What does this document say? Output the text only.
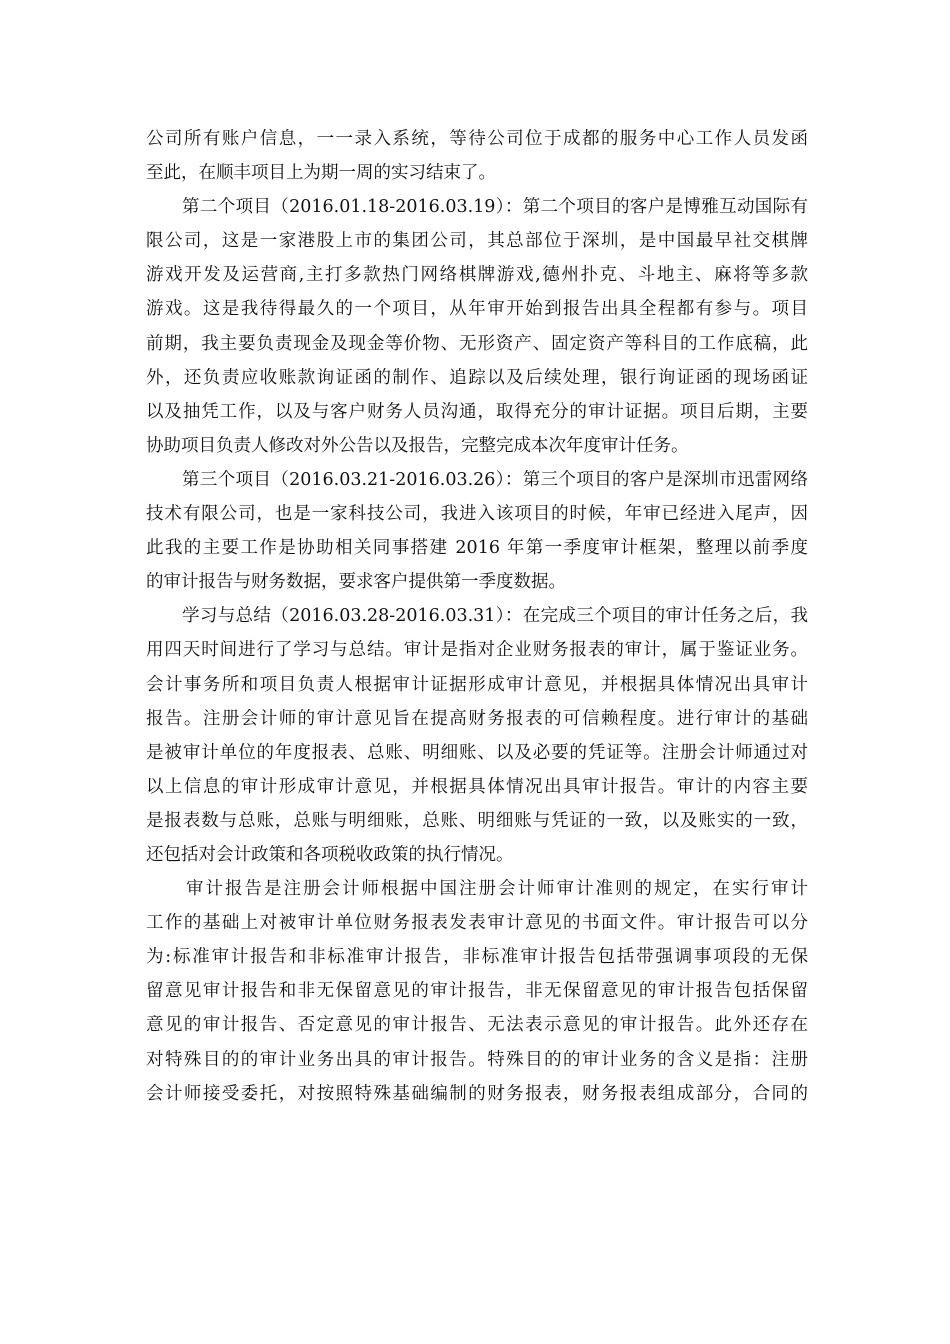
公司所有账户信息，一一录入系统，等待公司位于成都的服务中心工作人员发函
至此，在顺丰项目上为期一周的实习结束了。
第二个项目（2016.01.18-2016.03.19）：第二个项目的客户是博雅互动国际有
限公司，这是一家港股上市的集团公司，其总部位于深圳，是中国最早社交棋牌
游戏开发及运营商,主打多款热门网络棋牌游戏,德州扑克、斗地主、麻将等多款
游戏。这是我待得最久的一个项目，从年审开始到报告出具全程都有参与。项目
前期，我主要负责现金及现金等价物、无形资产、固定资产等科目的工作底稿，此
外，还负责应收账款询证函的制作、追踪以及后续处理，银行询证函的现场函证
以及抽凭工作，以及与客户财务人员沟通，取得充分的审计证据。项目后期，主要
协助项目负责人修改对外公告以及报告，完整完成本次年度审计任务。
第三个项目（2016.03.21-2016.03.26）：第三个项目的客户是深圳市迅雷网络
技术有限公司，也是一家科技公司，我进入该项目的时候，年审已经进入尾声，因
此我的主要工作是协助相关同事搭建 2016 年第一季度审计框架，整理以前季度
的审计报告与财务数据，要求客户提供第一季度数据。
学习与总结（2016.03.28-2016.03.31）：在完成三个项目的审计任务之后，我
用四天时间进行了学习与总结。审计是指对企业财务报表的审计，属于鉴证业务。
会计事务所和项目负责人根据审计证据形成审计意见，并根据具体情况出具审计
报告。注册会计师的审计意见旨在提高财务报表的可信赖程度。进行审计的基础
是被审计单位的年度报表、总账、明细账、以及必要的凭证等。注册会计师通过对
以上信息的审计形成审计意见，并根据具体情况出具审计报告。审计的内容主要
是报表数与总账，总账与明细账，总账、明细账与凭证的一致，以及账实的一致，
还包括对会计政策和各项税收政策的执行情况。
审计报告是注册会计师根据中国注册会计师审计准则的规定，在实行审计
工作的基础上对被审计单位财务报表发表审计意见的书面文件。审计报告可以分
为:标准审计报告和非标准审计报告，非标准审计报告包括带强调事项段的无保
留意见审计报告和非无保留意见的审计报告，非无保留意见的审计报告包括保留
意见的审计报告、否定意见的审计报告、无法表示意见的审计报告。此外还存在
对特殊目的的审计业务出具的审计报告。特殊目的的审计业务的含义是指：注册
会计师接受委托，对按照特殊基础编制的财务报表，财务报表组成部分，合同的
